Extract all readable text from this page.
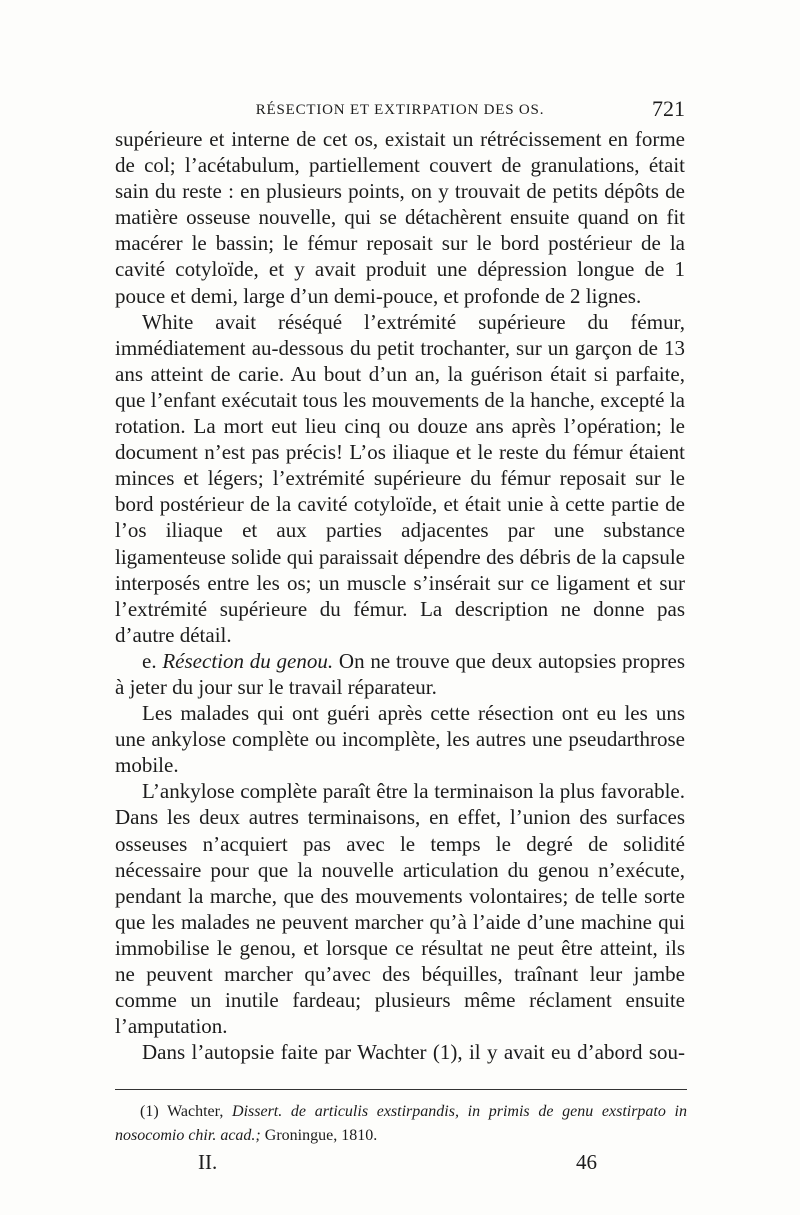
RÉSECTION ET EXTIRPATION DES OS.	721

supérieure et interne de cet os, existait un rétrécissement en forme de col; l’acétabulum, partiellement couvert de granulations, était sain du reste : en plusieurs points, on y trouvait de petits dépôts de matière osseuse nouvelle, qui se détachèrent ensuite quand on fit macérer le bassin; le fémur reposait sur le bord postérieur de la cavité cotyloïde, et y avait produit une dépression longue de 1 pouce et demi, large d’un demi-pouce, et profonde de 2 lignes.

White avait réséqué l’extrémité supérieure du fémur, immédiatement au-dessous du petit trochanter, sur un garçon de 13 ans atteint de carie. Au bout d’un an, la guérison était si parfaite, que l’enfant exécutait tous les mouvements de la hanche, excepté la rotation. La mort eut lieu cinq ou douze ans après l’opération; le document n’est pas précis! L’os iliaque et le reste du fémur étaient minces et légers; l’extrémité supérieure du fémur reposait sur le bord postérieur de la cavité cotyloïde, et était unie à cette partie de l’os iliaque et aux parties adjacentes par une substance ligamenteuse solide qui paraissait dépendre des débris de la capsule interposés entre les os; un muscle s’insérait sur ce ligament et sur l’extrémité supérieure du fémur. La description ne donne pas d’autre détail.

e. Résection du genou. On ne trouve que deux autopsies propres à jeter du jour sur le travail réparateur.

Les malades qui ont guéri après cette résection ont eu les uns une ankylose complète ou incomplète, les autres une pseudarthrose mobile.

L’ankylose complète paraît être la terminaison la plus favorable. Dans les deux autres terminaisons, en effet, l’union des surfaces osseuses n’acquiert pas avec le temps le degré de solidité nécessaire pour que la nouvelle articulation du genou n’exécute, pendant la marche, que des mouvements volontaires; de telle sorte que les malades ne peuvent marcher qu’à l’aide d’une machine qui immobilise le genou, et lorsque ce résultat ne peut être atteint, ils ne peuvent marcher qu’avec des béquilles, traînant leur jambe comme un inutile fardeau; plusieurs même réclament ensuite l’amputation.

Dans l’autopsie faite par Wachter (1), il y avait eu d’abord sou-

(1) Wachter, Dissert. de articulis exstirpandis, in primis de genu exstirpato in nosocomio chir. acad.; Groningue, 1810.

II.	46
